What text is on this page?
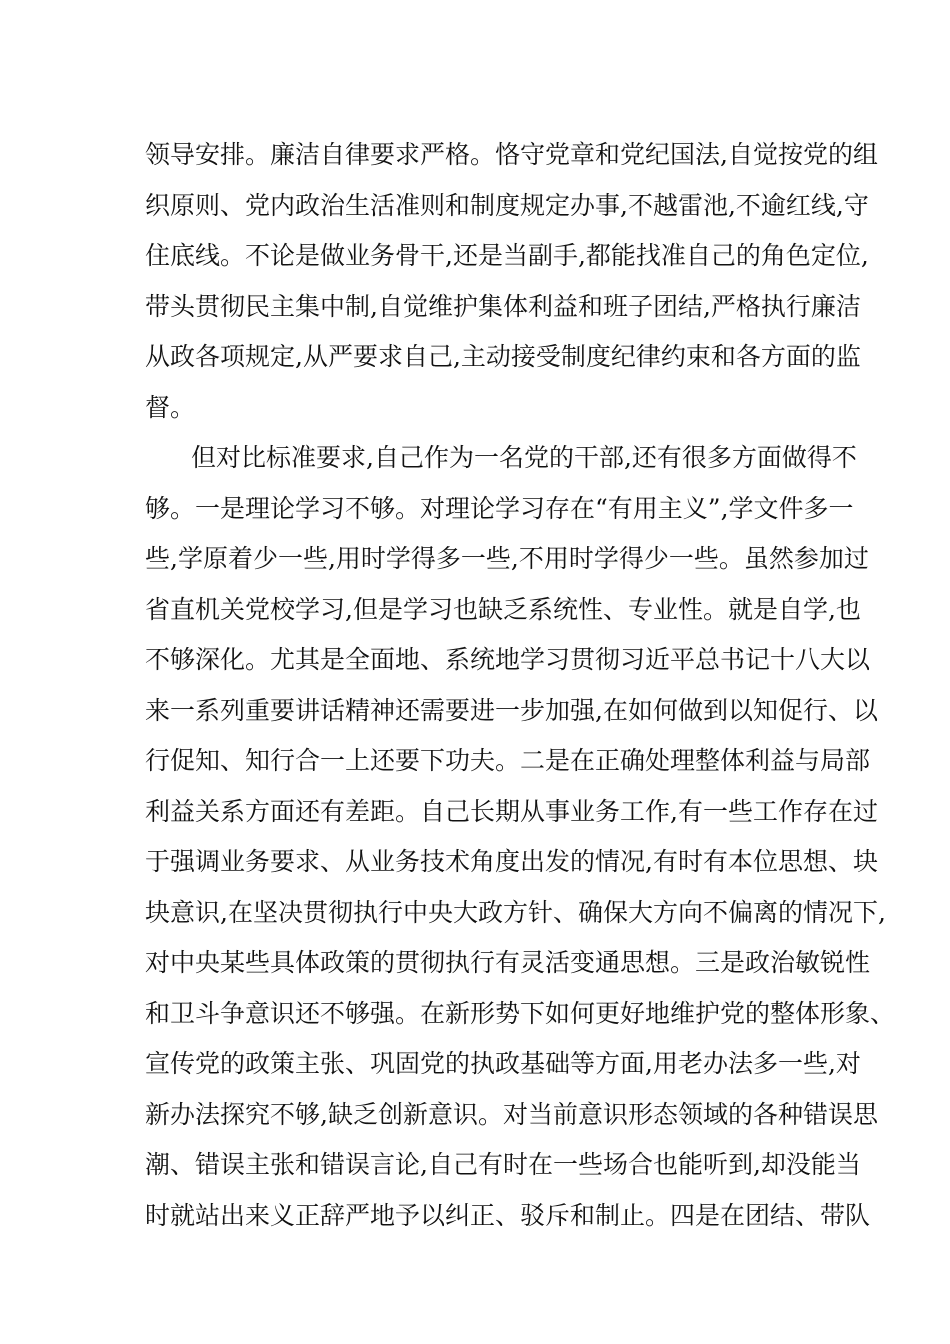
领导安排。廉洁自律要求严格。恪守党章和党纪国法,自觉按党的组
织原则、党内政治生活准则和制度规定办事,不越雷池,不逾红线,守
住底线。不论是做业务骨干,还是当副手,都能找准自己的角色定位,
带头贯彻民主集中制,自觉维护集体利益和班子团结,严格执行廉洁
从政各项规定,从严要求自己,主动接受制度纪律约束和各方面的监
督。
但对比标准要求,自己作为一名党的干部,还有很多方面做得不
够。一是理论学习不够。对理论学习存在“有用主义”,学文件多一
些,学原着少一些,用时学得多一些,不用时学得少一些。虽然参加过
省直机关党校学习,但是学习也缺乏系统性、专业性。就是自学,也
不够深化。尤其是全面地、系统地学习贯彻习近平总书记十八大以
来一系列重要讲话精神还需要进一步加强,在如何做到以知促行、以
行促知、知行合一上还要下功夫。二是在正确处理整体利益与局部
利益关系方面还有差距。自己长期从事业务工作,有一些工作存在过
于强调业务要求、从业务技术角度出发的情况,有时有本位思想、块
块意识,在坚决贯彻执行中央大政方针、确保大方向不偏离的情况下,
对中央某些具体政策的贯彻执行有灵活变通思想。三是政治敏锐性
和卫斗争意识还不够强。在新形势下如何更好地维护党的整体形象、
宣传党的政策主张、巩固党的执政基础等方面,用老办法多一些,对
新办法探究不够,缺乏创新意识。对当前意识形态领域的各种错误思
潮、错误主张和错误言论,自己有时在一些场合也能听到,却没能当
时就站出来义正辞严地予以纠正、驳斥和制止。四是在团结、带队
